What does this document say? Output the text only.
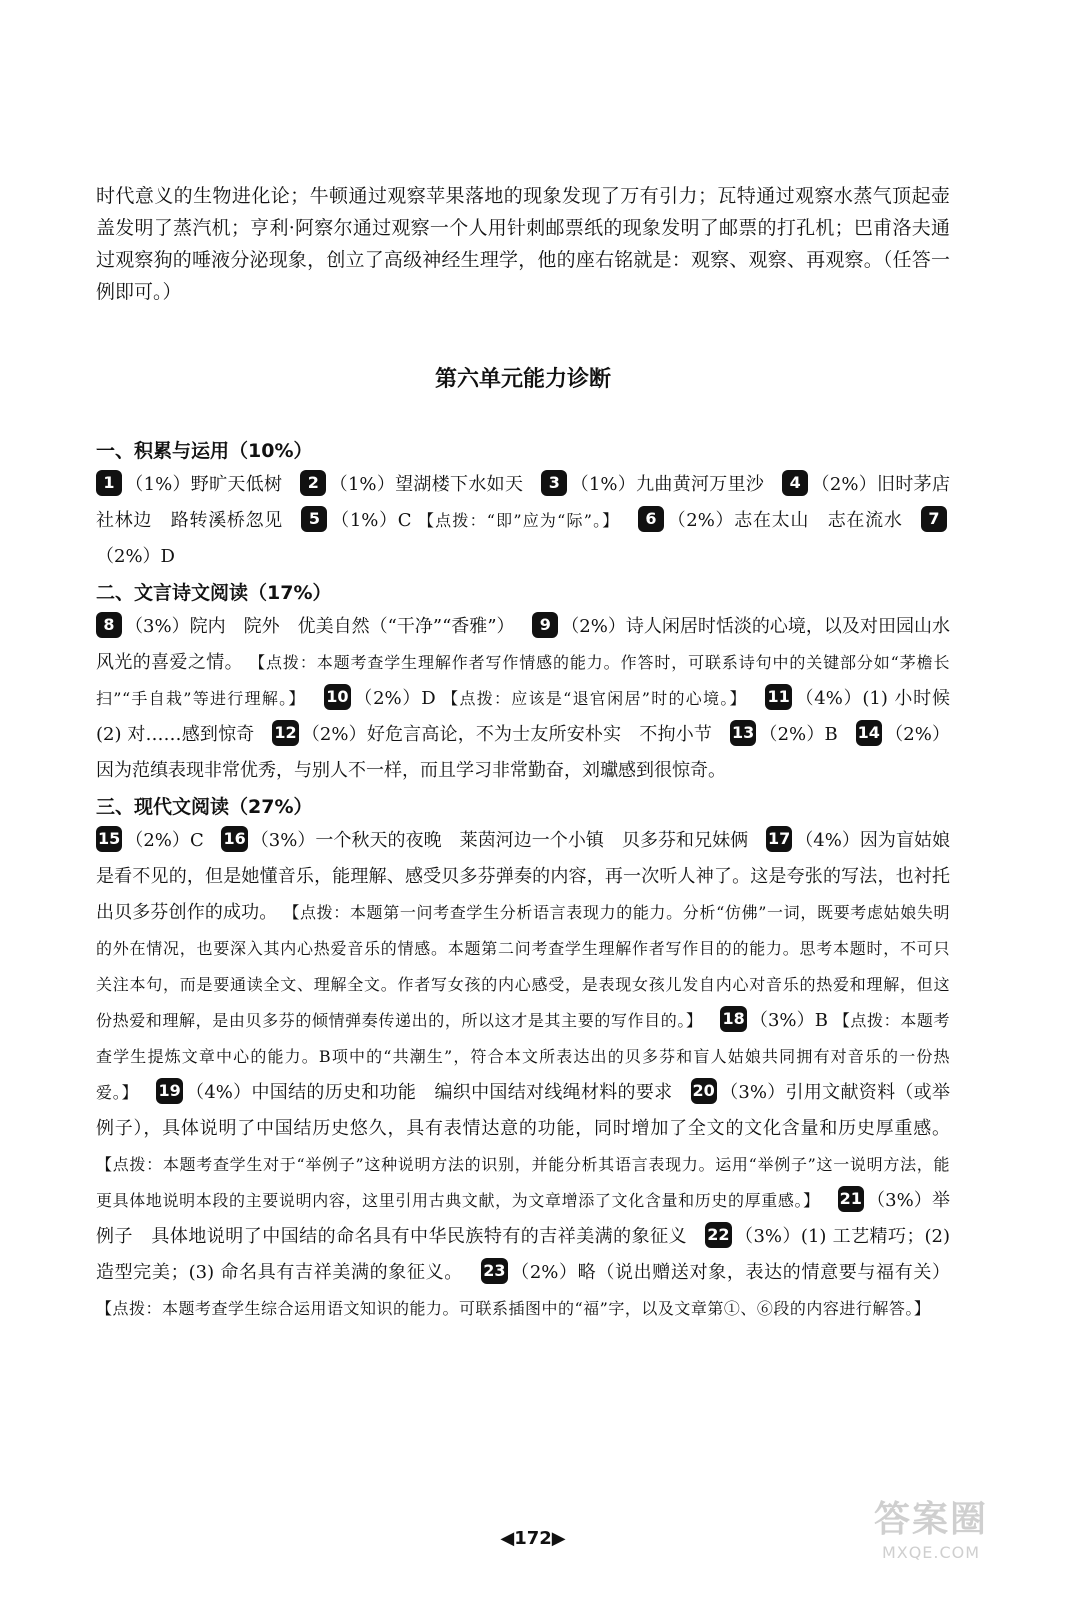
时代意义的生物进化论；牛顿通过观察苹果落地的现象发现了万有引力；瓦特通过观察水蒸气顶起壶盖发明了蒸汽机；亨利·阿察尔通过观察一个人用针刺邮票纸的现象发明了邮票的打孔机；巴甫洛夫通过观察狗的唾液分泌现象，创立了高级神经生理学，他的座右铭就是：观察、观察、再观察。（任答一例即可。）

第六单元能力诊断
一、积累与运用（10%）

1 （1%）野旷天低树 2 （1%）望湖楼下水如天 3 （1%）九曲黄河万里沙 4 （2%）旧时茅店社林边　路转溪桥忽见 5 （1%）C 【点拨：“即”应为“际”。】 6 （2%）志在太山　志在流水 7（2%）D

二、文言诗文阅读（17%）

8 （3%）院内　院外　优美自然（“干净”“香雅”） 9 （2%）诗人闲居时恬淡的心境，以及对田园山水风光的喜爱之情。 【点拨：本题考查学生理解作者写作情感的能力。作答时，可联系诗句中的关键部分如“茅檐长扫”“手自栽”等进行理解。】 10 （2%）D 【点拨：应该是“退官闲居”时的心境。】 11 （4%）(1) 小时候　(2) 对……感到惊奇 12 （2%）好危言高论，不为士友所安朴实　不拘小节 13 （2%）B 14 （2%）因为范缜表现非常优秀，与别人不一样，而且学习非常勤奋，刘瓛感到很惊奇。

三、现代文阅读（27%）

15 （2%）C 16 （3%）一个秋天的夜晚　莱茵河边一个小镇　贝多芬和兄妹俩 17 （4%）因为盲姑娘是看不见的，但是她懂音乐，能理解、感受贝多芬弹奏的内容，再一次听人神了。这是夸张的写法，也衬托出贝多芬创作的成功。 【点拨：本题第一问考查学生分析语言表现力的能力。分析“仿佛”一词，既要考虑姑娘失明的外在情况，也要深入其内心热爱音乐的情感。本题第二问考查学生理解作者写作目的的能力。思考本题时，不可只关注本句，而是要通读全文、理解全文。作者写女孩的内心感受，是表现女孩儿发自内心对音乐的热爱和理解，但这份热爱和理解，是由贝多芬的倾情弹奏传递出的，所以这才是其主要的写作目的。】 18 （3%）B 【点拨：本题考查学生提炼文章中心的能力。B项中的“共潮生”，符合本文所表达出的贝多芬和盲人姑娘共同拥有对音乐的一份热爱。】 19 （4%）中国结的历史和功能　编织中国结对线绳材料的要求 20 （3%）引用文献资料（或举例子），具体说明了中国结历史悠久，具有表情达意的功能，同时增加了全文的文化含量和历史厚重感。 【点拨：本题考查学生对于“举例子”这种说明方法的识别，并能分析其语言表现力。运用“举例子”这一说明方法，能更具体地说明本段的主要说明内容，这里引用古典文献，为文章增添了文化含量和历史的厚重感。】 21 （3%）举例子　具体地说明了中国结的命名具有中华民族特有的吉祥美满的象征义 22 （3%）(1) 工艺精巧；(2) 造型完美；(3) 命名具有吉祥美满的象征义。 23 （2%）略（说出赠送对象，表达的情意要与福有关） 【点拨：本题考查学生综合运用语文知识的能力。可联系插图中的“福”字，以及文章第①、⑥段的内容进行解答。】

◀172▶	答案圈
MXQE.COM
